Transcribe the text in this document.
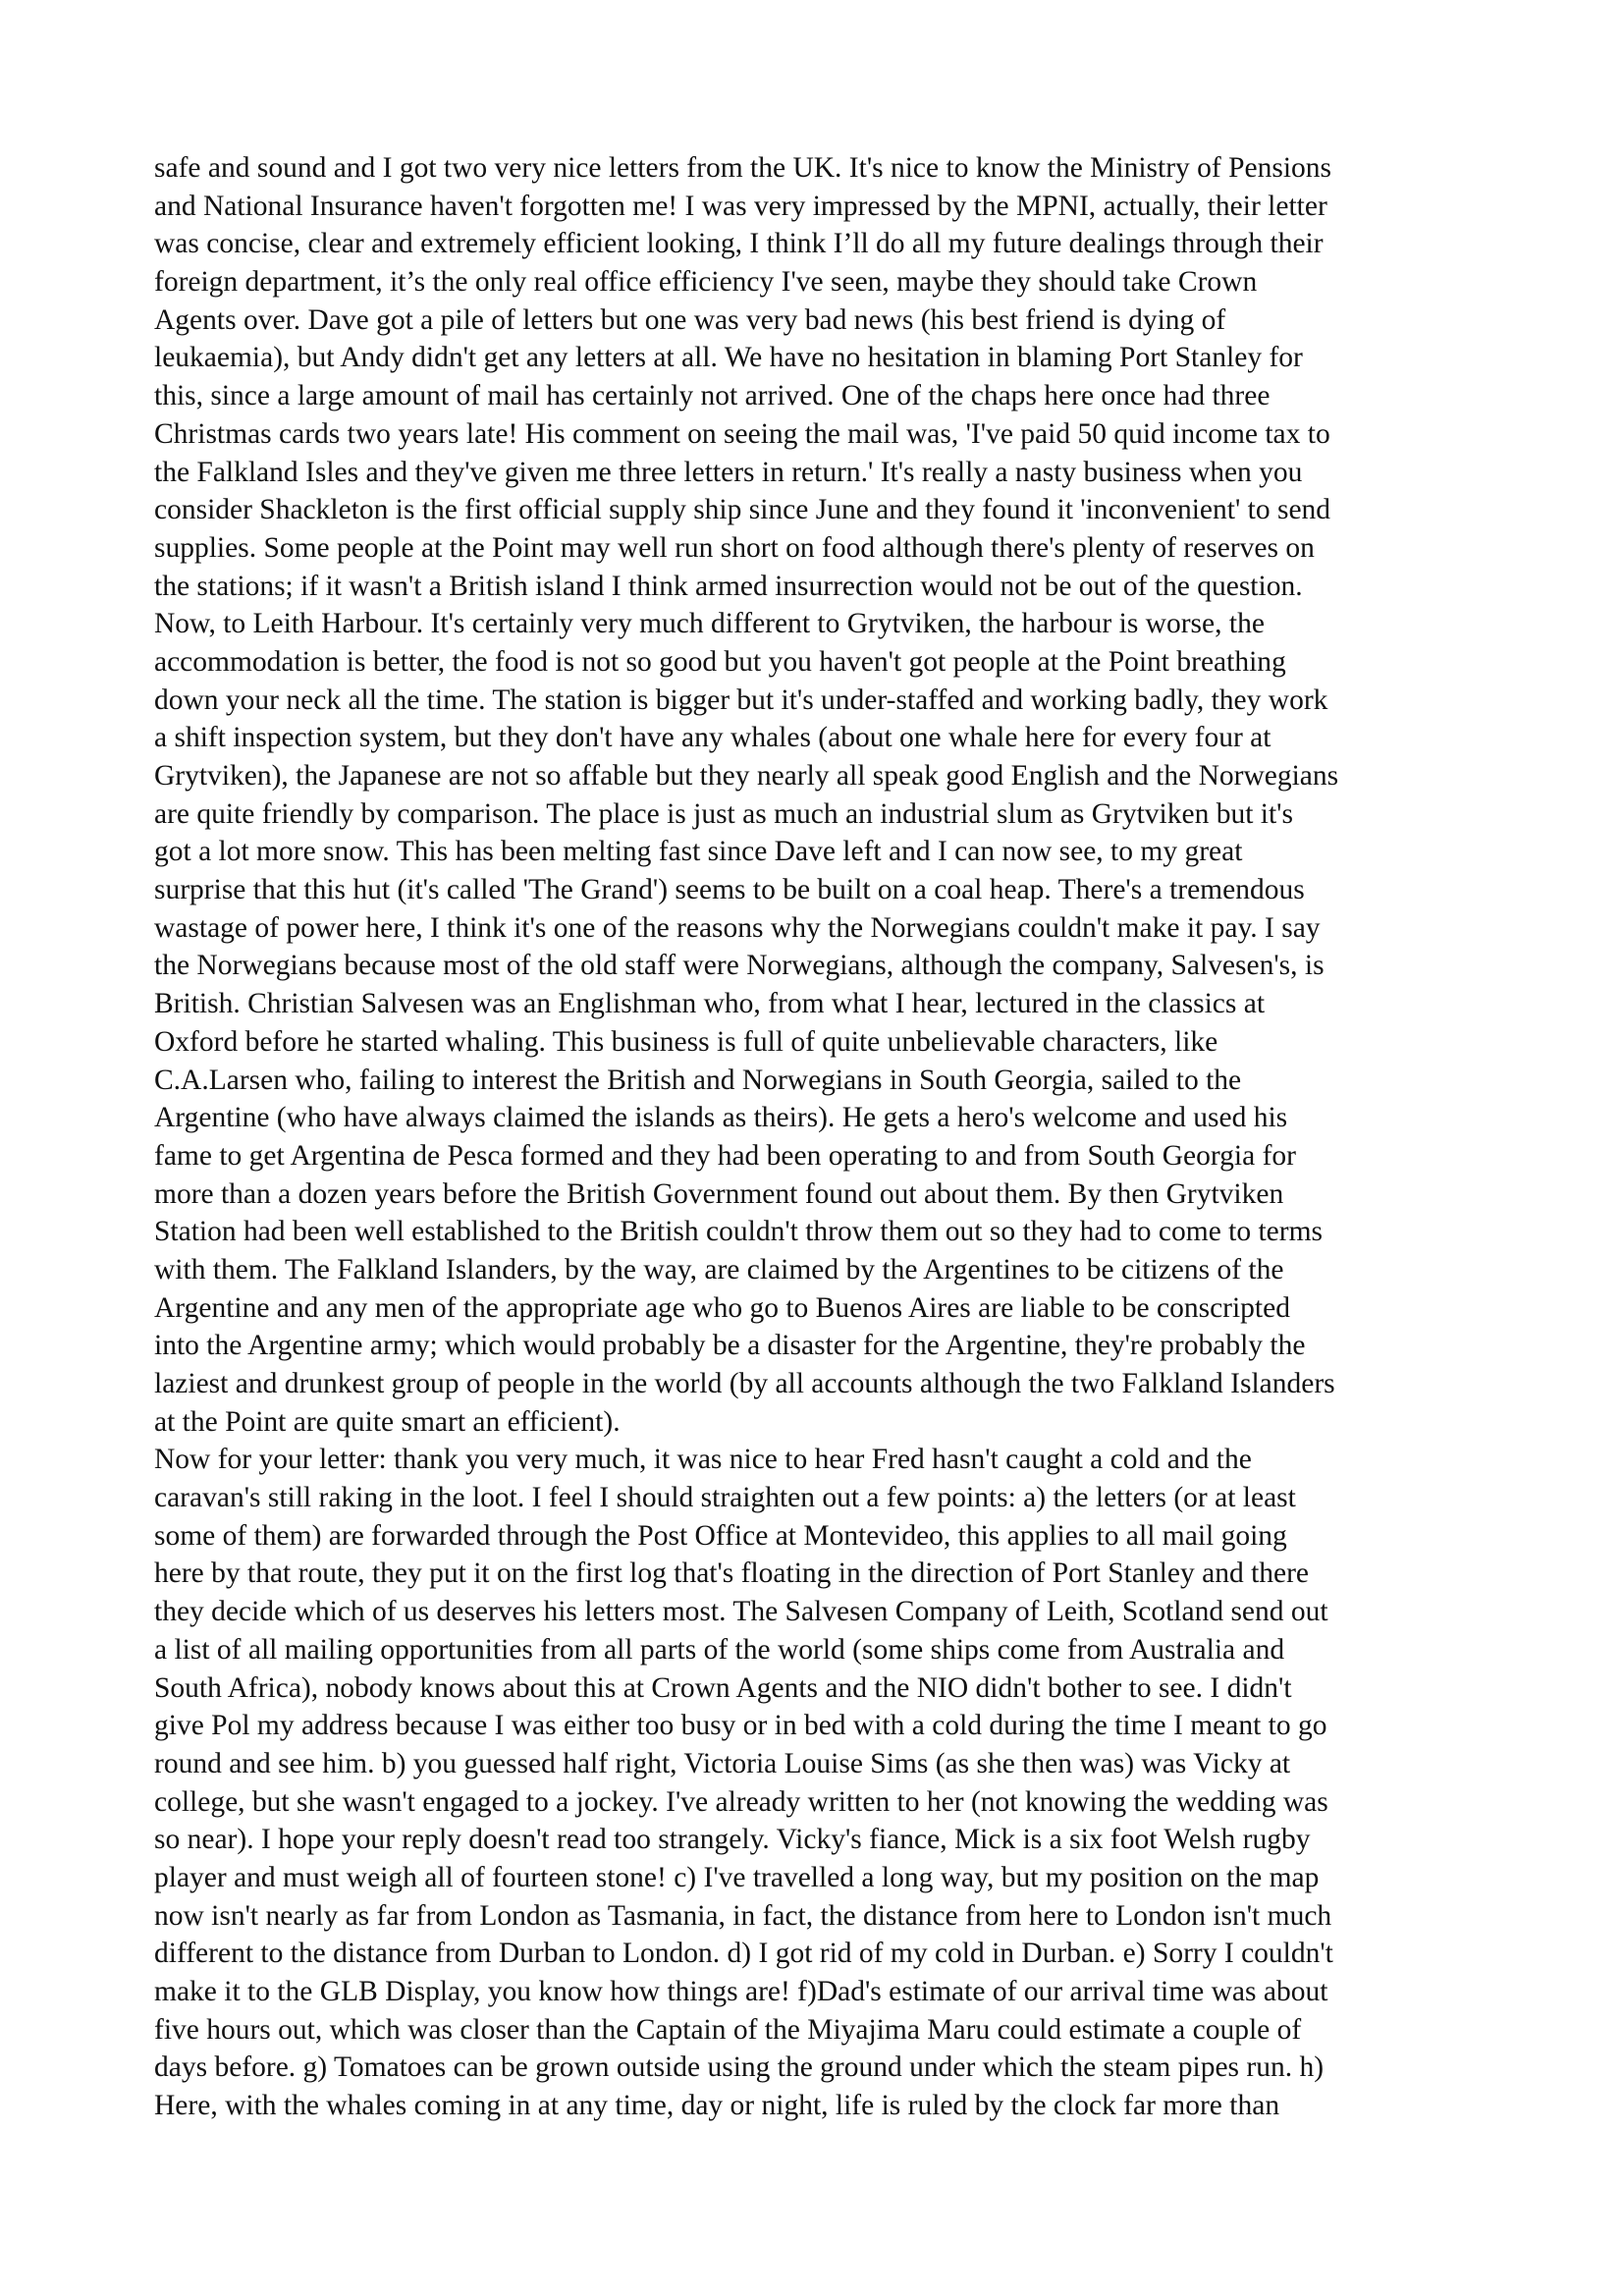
safe and sound and I got two very nice letters from the UK. It's nice to know the Ministry of Pensions
and National Insurance haven't forgotten me! I was very impressed by the MPNI, actually, their letter
was concise, clear and extremely efficient looking, I think I’ll do all my future dealings through their
foreign department, it’s the only real office efficiency I've seen, maybe they should take Crown
Agents over. Dave got a pile of letters but one was very bad news (his best friend is dying of
leukaemia), but Andy didn't get any letters at all. We have no hesitation in blaming Port Stanley for
this, since a large amount of mail has certainly not arrived. One of the chaps here once had three
Christmas cards two years late! His comment on seeing the mail was, 'I've paid 50 quid income tax to
the Falkland Isles and they've given me three letters in return.' It's really a nasty business when you
consider Shackleton is the first official supply ship since June and they found it 'inconvenient' to send
supplies. Some people at the Point may well run short on food although there's plenty of reserves on
the stations; if it wasn't a British island I think armed insurrection would not be out of the question.
Now, to Leith Harbour. It's certainly very much different to Grytviken, the harbour is worse, the
accommodation is better, the food is not so good but you haven't got people at the Point breathing
down your neck all the time. The station is bigger but it's under-staffed and working badly, they work
a shift inspection system, but they don't have any whales (about one whale here for every four at
Grytviken), the Japanese are not so affable but they nearly all speak good English and the Norwegians
are quite friendly by comparison. The place is just as much an industrial slum as Grytviken but it's
got a lot more snow. This has been melting fast since Dave left and I can now see, to my great
surprise that this hut (it's called 'The Grand') seems to be built on a coal heap. There's a tremendous
wastage of power here, I think it's one of the reasons why the Norwegians couldn't make it pay. I say
the Norwegians because most of the old staff were Norwegians, although the company, Salvesen's, is
British. Christian Salvesen was an Englishman who, from what I hear, lectured in the classics at
Oxford before he started whaling. This business is full of quite unbelievable characters, like
C.A.Larsen who, failing to interest the British and Norwegians in South Georgia, sailed to the
Argentine (who have always claimed the islands as theirs). He gets a hero's welcome and used his
fame to get Argentina de Pesca formed and they had been operating to and from South Georgia for
more than a dozen years before the British Government found out about them. By then Grytviken
Station had been well established to the British couldn't throw them out so they had to come to terms
with them. The Falkland Islanders, by the way, are claimed by the Argentines to be citizens of the
Argentine and any men of the appropriate age who go to Buenos Aires are liable to be conscripted
into the Argentine army; which would probably be a disaster for the Argentine, they're probably the
laziest and drunkest group of people in the world (by all accounts although the two Falkland Islanders
at the Point are quite smart an efficient).
Now for your letter: thank you very much, it was nice to hear Fred hasn't caught a cold and the
caravan's still raking in the loot. I feel I should straighten out a few points: a) the letters (or at least
some of them) are forwarded through the Post Office at Montevideo, this applies to all mail going
here by that route, they put it on the first log that's floating in the direction of Port Stanley and there
they decide which of us deserves his letters most. The Salvesen Company of Leith, Scotland send out
a list of all mailing opportunities from all parts of the world (some ships come from Australia and
South Africa), nobody knows about this at Crown Agents and the NIO didn't bother to see. I didn't
give Pol my address because I was either too busy or in bed with a cold during the time I meant to go
round and see him. b) you guessed half right, Victoria Louise Sims (as she then was) was Vicky at
college, but she wasn't engaged to a jockey. I've already written to her (not knowing the wedding was
so near). I hope your reply doesn't read too strangely. Vicky's fiance, Mick is a six foot Welsh rugby
player and must weigh all of fourteen stone! c) I've travelled a long way, but my position on the map
now isn't nearly as far from London as Tasmania, in fact, the distance from here to London isn't much
different to the distance from Durban to London. d) I got rid of my cold in Durban. e) Sorry I couldn't
make it to the GLB Display, you know how things are! f)Dad's estimate of our arrival time was about
five hours out, which was closer than the Captain of the Miyajima Maru could estimate a couple of
days before. g) Tomatoes can be grown outside using the ground under which the steam pipes run. h)
Here, with the whales coming in at any time, day or night, life is ruled by the clock far more than
